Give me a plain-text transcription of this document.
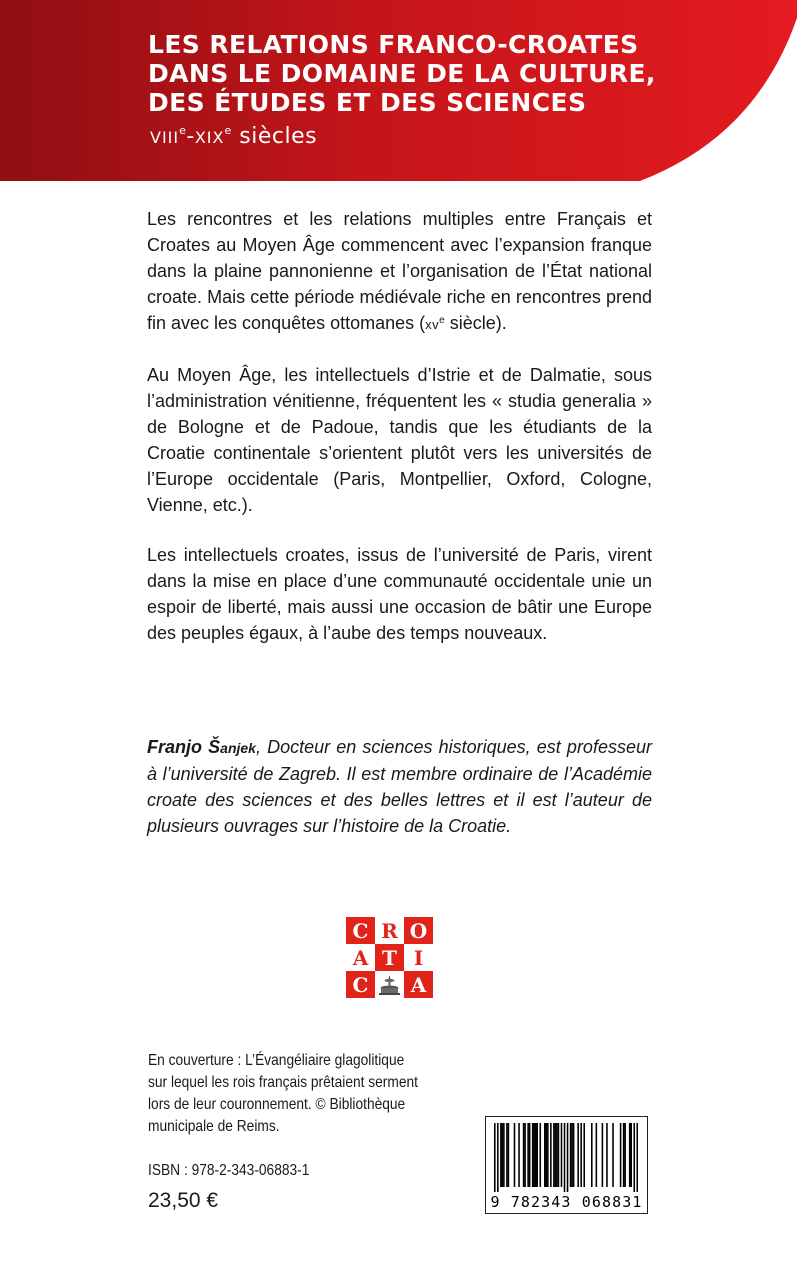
LES RELATIONS FRANCO-CROATES
DANS LE DOMAINE DE LA CULTURE,
DES ÉTUDES ET DES SCIENCES
VIIIe-XIXe siècles

Les rencontres et les relations multiples entre Français et Croates au Moyen Âge commencent avec l’expansion franque dans la plaine pannonienne et l’organisation de l’État national croate. Mais cette période médiévale riche en rencontres prend fin avec les conquêtes ottomanes ($xv^e$ siècle).

Au Moyen Âge, les intellectuels d’Istrie et de Dalmatie, sous l’administration vénitienne, fréquentent les « studia generalia » de Bologne et de Padoue, tandis que les étudiants de la Croatie continentale s’orientent plutôt vers les universités de l’Europe occidentale (Paris, Montpellier, Oxford, Cologne, Vienne, etc.).

Les intellectuels croates, issus de l’université de Paris, virent dans la mise en place d’une communauté occidentale unie un espoir de liberté, mais aussi une occasion de bâtir une Europe des peuples égaux, à l’aube des temps nouveaux.

Franjo Šanjek, Docteur en sciences historiques, est professeur à l’université de Zagreb. Il est membre ordinaire de l’Académie croate des sciences et des belles lettres et il est l’auteur de plusieurs ouvrages sur l’histoire de la Croatie.
C R O
A T I
C	A
En couverture : L’Évangéliaire glagolitique
sur lequel les rois français prêtaient serment
lors de leur couronnement. © Bibliothèque
municipale de Reims.
ISBN : 978-2-343-06883-1
23,50 €	9 782343 068831
